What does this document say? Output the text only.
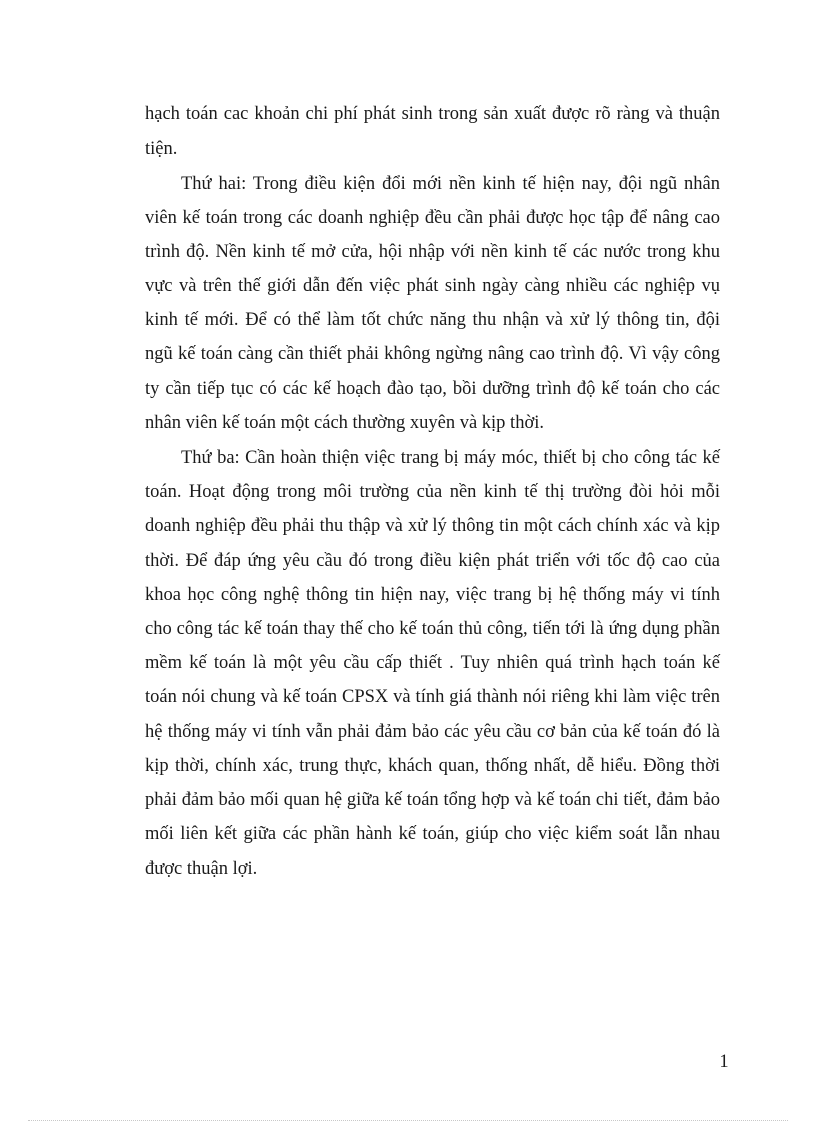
hạch toán cac khoản chi phí phát sinh trong sản xuất được rõ ràng và thuận
tiện.
Thứ hai: Trong điều kiện đổi mới nền kinh tế hiện nay, đội ngũ nhân
viên kế toán trong các doanh nghiệp đều cần phải được học tập để nâng cao
trình độ. Nền kinh tế mở cửa, hội nhập với nền kinh tế các nước trong khu
vực và trên thế giới dẫn đến việc phát sinh ngày càng nhiều các nghiệp vụ
kinh tế mới. Để có thể làm tốt chức năng thu nhận và xử lý thông tin, đội
ngũ kế toán càng cần thiết phải không ngừng nâng cao trình độ. Vì vậy công
ty cần tiếp tục có các kế hoạch đào tạo, bồi dưỡng trình độ kế toán cho các
nhân viên kế toán một cách thường xuyên và kịp thời.
Thứ ba: Cần hoàn thiện việc trang bị máy móc, thiết bị cho công tác kế
toán. Hoạt động trong môi trường của nền kinh tế thị trường đòi hỏi mỗi
doanh nghiệp đều phải thu thập và xử lý thông tin một cách chính xác và kịp
thời. Để đáp ứng yêu cầu đó trong điều kiện phát triển với tốc độ cao của
khoa học công nghệ thông tin hiện nay, việc trang bị hệ thống máy vi tính
cho công tác kế toán thay thế cho kế toán thủ công, tiến tới là ứng dụng phần
mềm kế toán là một yêu cầu cấp thiết . Tuy nhiên quá trình hạch toán kế
toán nói chung và kế toán CPSX và tính giá thành nói riêng khi làm việc trên
hệ thống máy vi tính vẫn phải đảm bảo các yêu cầu cơ bản của kế toán đó là
kịp thời, chính xác, trung thực, khách quan, thống nhất, dễ hiểu. Đồng thời
phải đảm bảo mối quan hệ giữa kế toán tổng hợp và kế toán chi tiết, đảm bảo
mối liên kết giữa các phần hành kế toán, giúp cho việc kiểm soát lẫn nhau
được thuận lợi.
1
